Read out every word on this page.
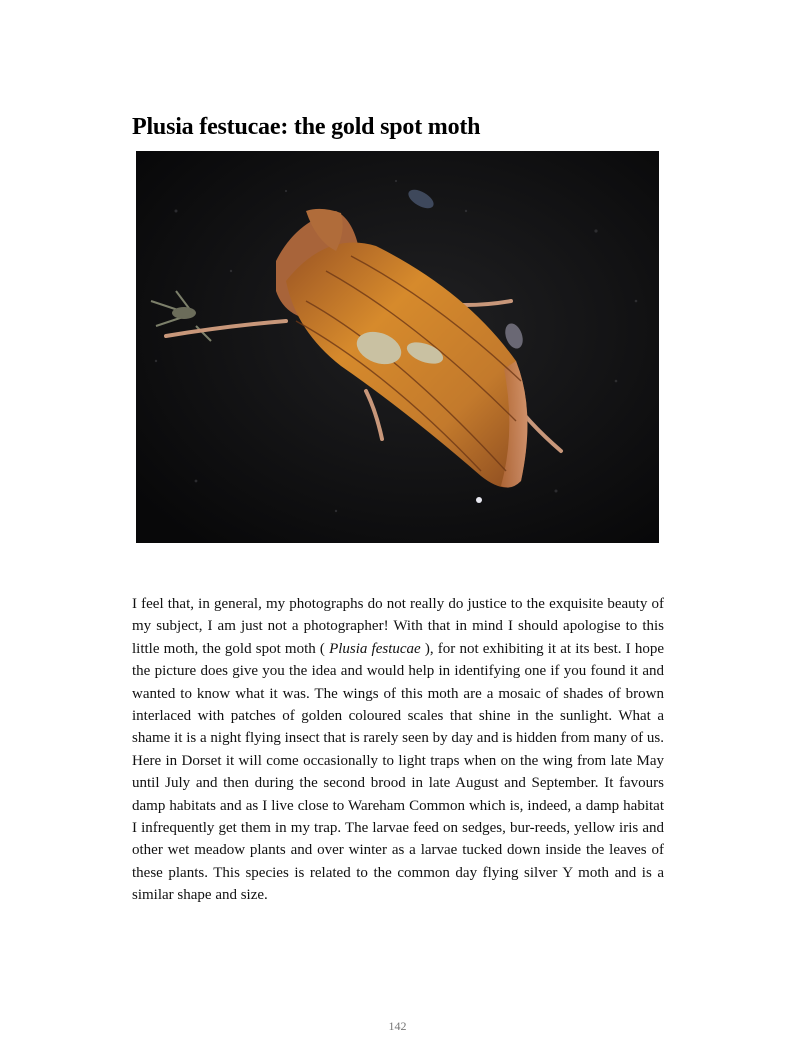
Plusia festucae: the gold spot moth

I feel that, in general, my photographs do not really do justice to the exquisite beauty of my subject, I am just not a photographer! With that in mind I should apologise to this little moth, the gold spot moth ( Plusia festucae ), for not exhibiting it at its best. I hope the picture does give you the idea and would help in identifying one if you found it and wanted to know what it was. The wings of this moth are a mosaic of shades of brown interlaced with patches of golden coloured scales that shine in the sunlight. What a shame it is a night flying insect that is rarely seen by day and is hidden from many of us. Here in Dorset it will come occasionally to light traps when on the wing from late May until July and then during the second brood in late August and September. It favours damp habitats and as I live close to Wareham Common which is, indeed, a damp habitat I infrequently get them in my trap. The larvae feed on sedges, bur-reeds, yellow iris and other wet meadow plants and over winter as a larvae tucked down inside the leaves of these plants. This species is related to the common day flying silver Y moth and is a similar shape and size.

142
